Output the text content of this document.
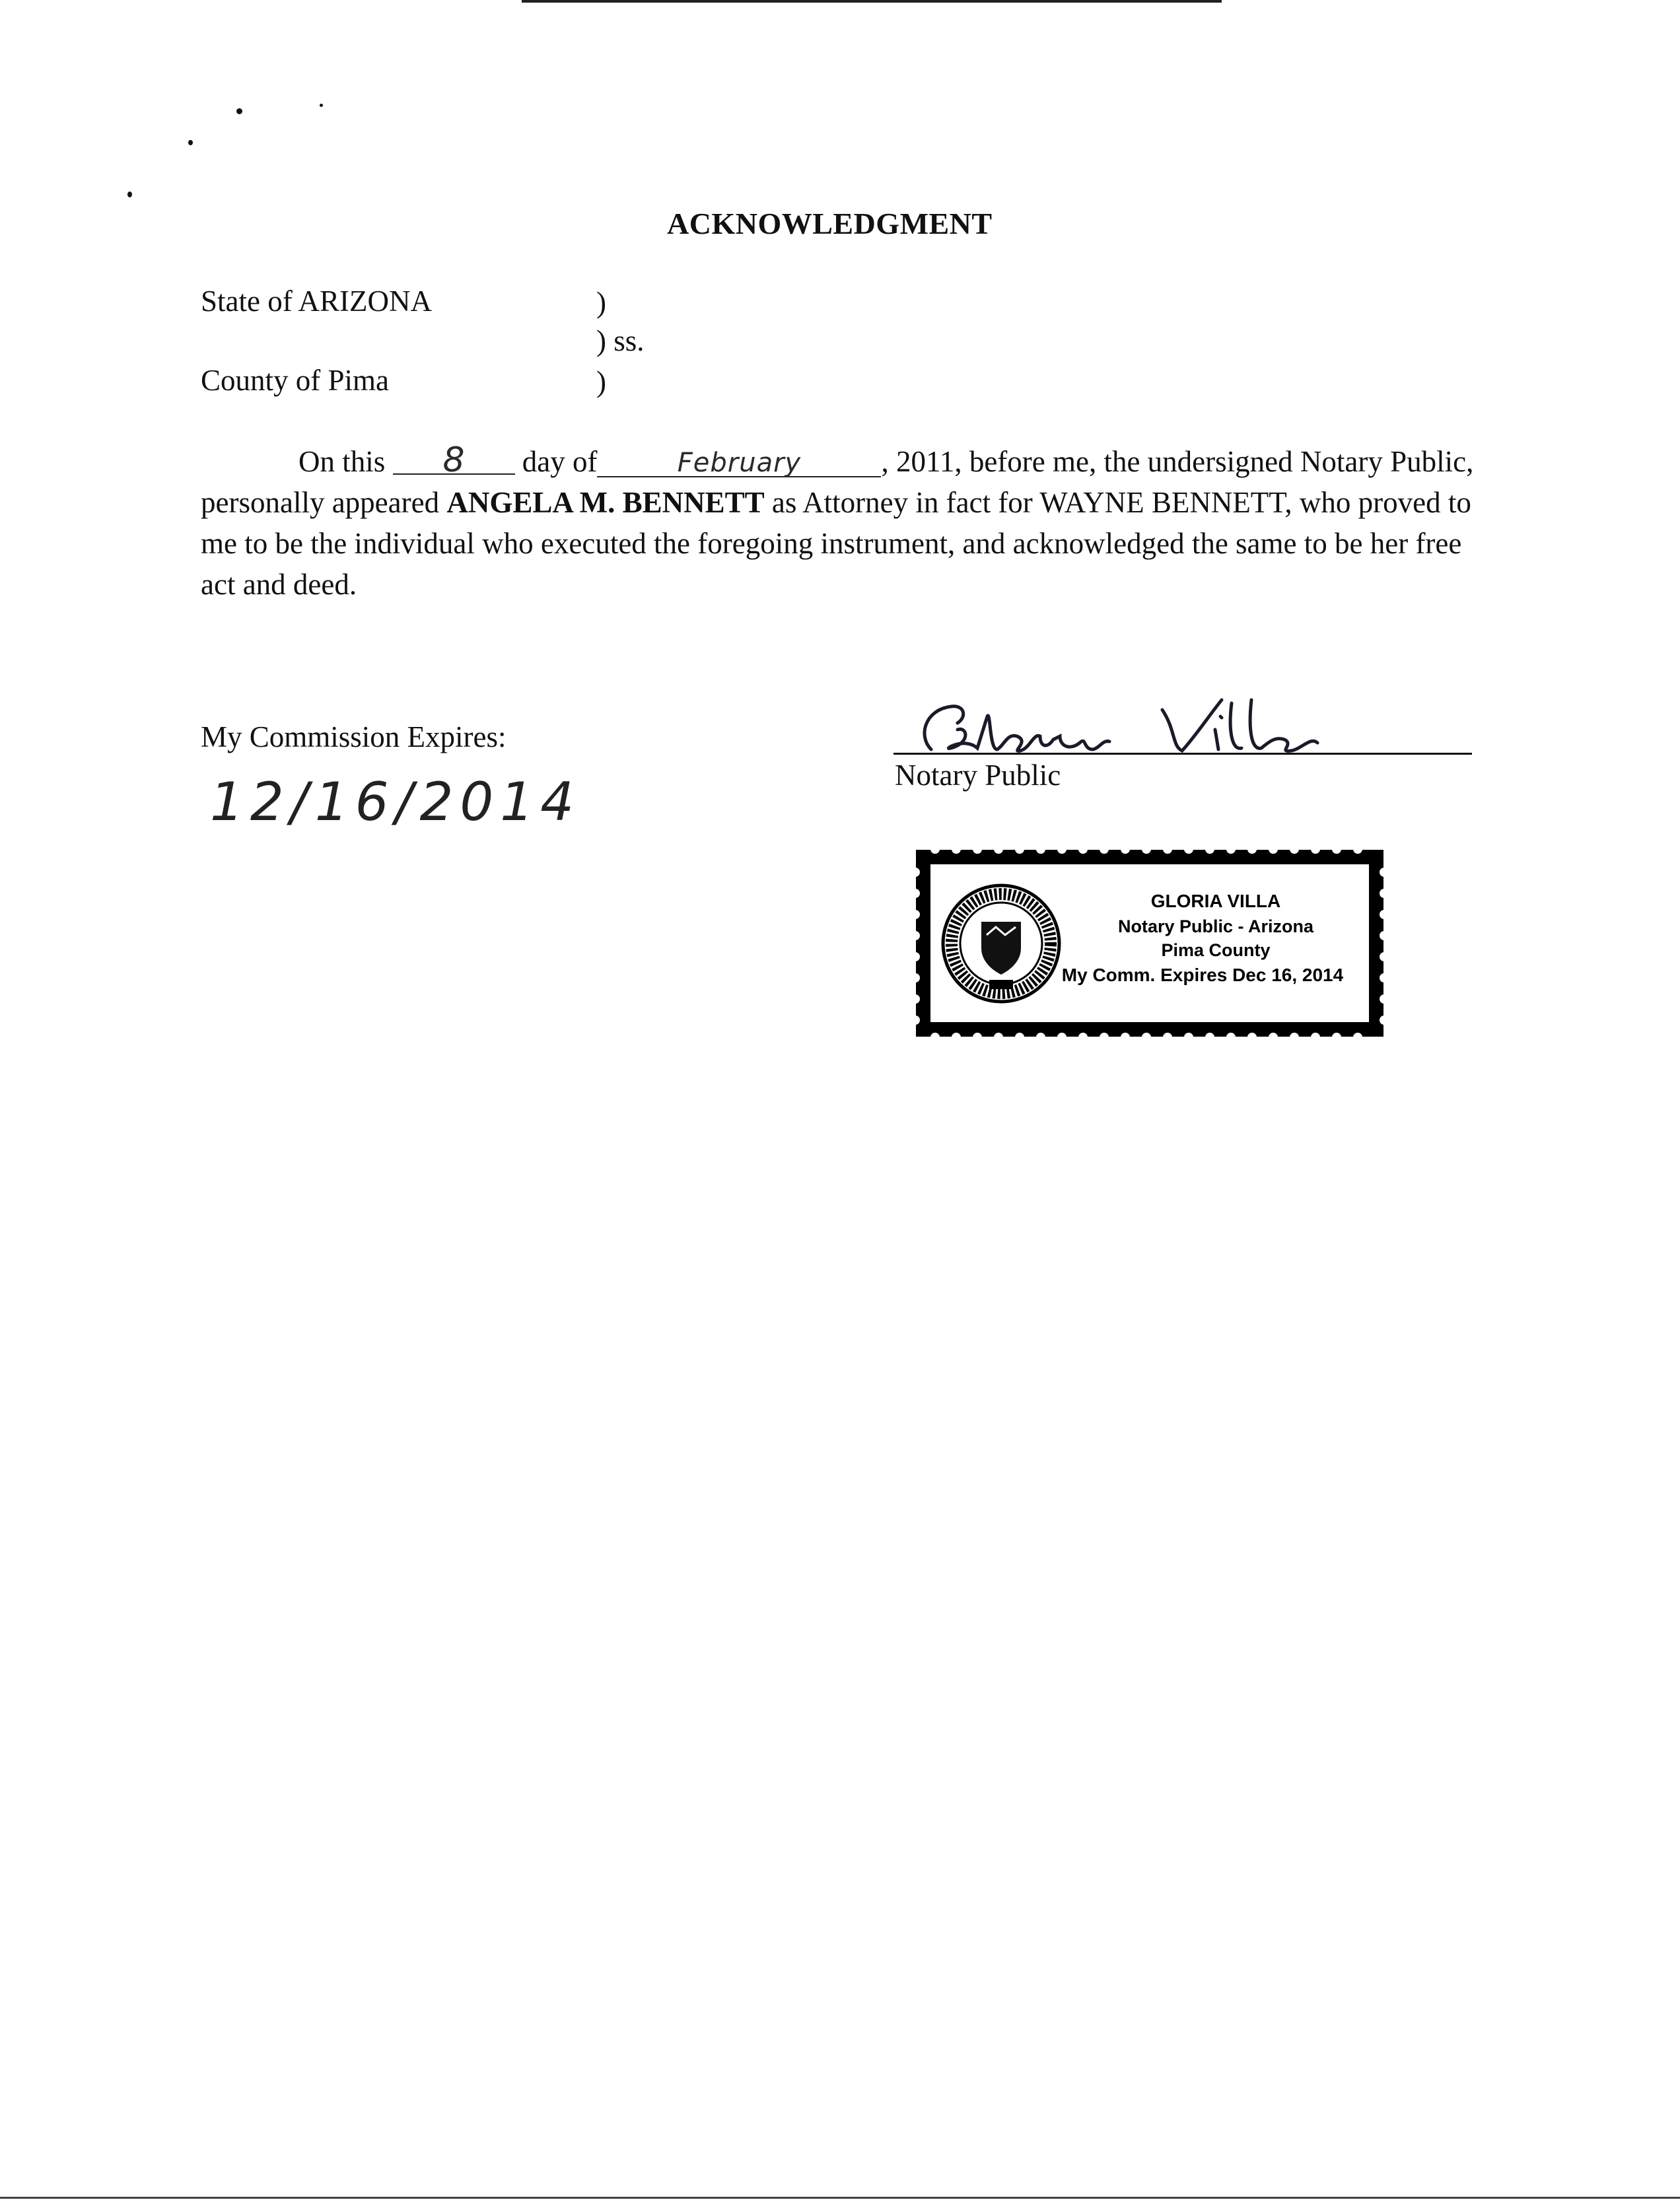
ACKNOWLEDGMENT
State of ARIZONA	)
) ss.
County of Pima	)
On this 8 day of	February	, 2011, before me, the undersigned Notary Public, personally appeared ANGELA M. BENNETT as Attorney in fact for WAYNE BENNETT, who proved to me to be the individual who executed the foregoing instrument, and acknowledged the same to be her free act and deed.
My Commission Expires:
12/16/2014	Notary Public
GLORIA VILLA
Notary Public - Arizona
Pima County
My Comm. Expires Dec 16, 2014
